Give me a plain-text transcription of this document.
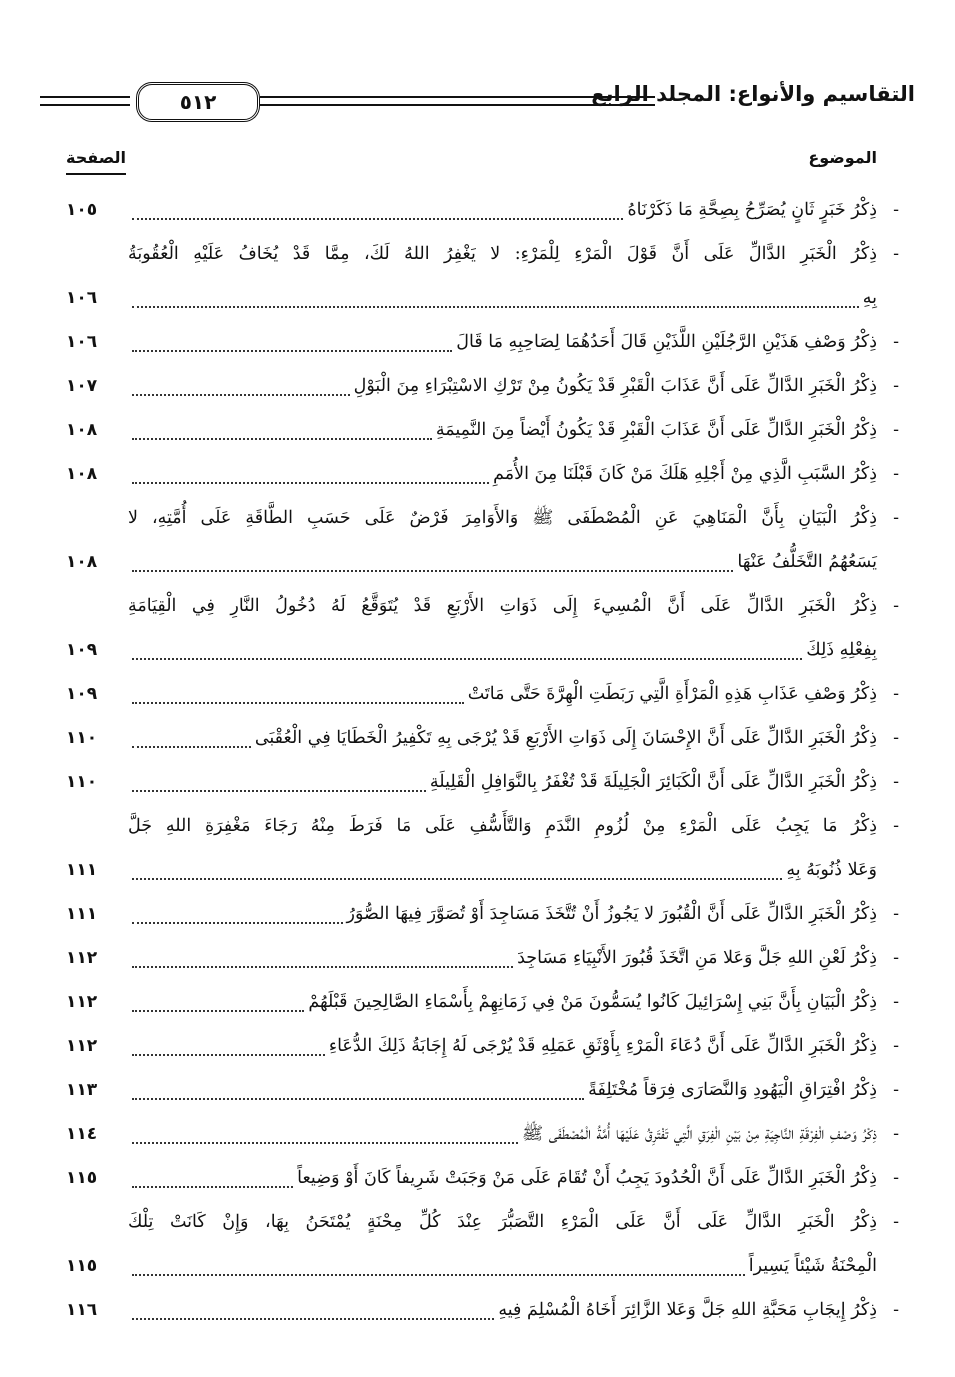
التقاسيم والأنواع: المجلد الرابع
٥١٢
الموضوع
الصفحة
-
ذِكْرُ خَبَرٍ ثَانٍ يُصَرِّحُ بِصِحَّةِ مَا ذَكَرْنَاهُ
١٠٥
-
ذِكْرُ الْخَبَرِ الدَّالِّ عَلَى أَنَّ قَوْلَ الْمَرْءِ لِلْمَرْءِ: لا يَغْفِرُ اللهُ لَكَ، مِمَّا قَدْ يُخَافُ عَلَيْهِ الْعُقُوبَةُ
بِهِ
١٠٦
-
ذِكْرُ وَصْفِ هَذَيْنِ الرَّجُلَيْنِ اللَّذَيْنِ قَالَ أَحَدُهُمَا لِصَاحِبِهِ مَا قَالَ
١٠٦
-
ذِكْرُ الْخَبَرِ الدَّالِّ عَلَى أَنَّ عَذَابَ الْقَبْرِ قَدْ يَكُونُ مِنْ تَرْكِ الاسْتِبْرَاءِ مِنَ الْبَوْلِ
١٠٧
-
ذِكْرُ الْخَبَرِ الدَّالِّ عَلَى أَنَّ عَذَابَ الْقَبْرِ قَدْ يَكُونُ أَيْضاً مِنَ النَّمِيمَةِ
١٠٨
-
ذِكْرُ السَّبَبِ الَّذِي مِنْ أَجْلِهِ هَلَكَ مَنْ كَانَ قَبْلَنَا مِنَ الأُمَمِ
١٠٨
-
ذِكْرُ الْبَيَانِ بِأَنَّ الْمَنَاهِيَ عَنِ الْمُصْطَفَى ﷺ وَالأَوَامِرَ فَرْضٌ عَلَى حَسَبِ الطَّاقَةِ عَلَى أُمَّتِهِ، لا
يَسَعُهُمُ التَّخَلُّفُ عَنْهَا
١٠٨
-
ذِكْرُ الْخَبَرِ الدَّالِّ عَلَى أَنَّ الْمُسِيءَ إِلَى ذَوَاتِ الأَرْبَعِ قَدْ يُتَوَقَّعُ لَهُ دُخُولُ النَّارِ فِي الْقِيَامَةِ
بِفِعْلِهِ ذَلِكَ
١٠٩
-
ذِكْرُ وَصْفِ عَذَابِ هَذِهِ الْمَرْأَةِ الَّتِي رَبَطَتِ الْهِرَّةَ حَتَّى مَاتَتْ
١٠٩
-
ذِكْرُ الْخَبَرِ الدَّالِّ عَلَى أَنَّ الإِحْسَانَ إِلَى ذَوَاتِ الأَرْبَعِ قَدْ يُرْجَى بِهِ تَكْفِيرُ الْخَطَايَا فِي الْعُقْبَى
١١٠
-
ذِكْرُ الْخَبَرِ الدَّالِّ عَلَى أَنَّ الْكَبَائِرَ الْجَلِيلَةَ قَدْ تُغْفَرُ بِالنَّوَافِلِ الْقَلِيلَةِ
١١٠
-
ذِكْرُ مَا يَجِبُ عَلَى الْمَرْءِ مِنْ لُزُومِ النَّدَمِ وَالتَّأَسُّفِ عَلَى مَا فَرَطَ مِنْهُ رَجَاءَ مَغْفِرَةِ اللهِ جَلَّ
وَعَلا ذُنُوبَهُ بِهِ
١١١
-
ذِكْرُ الْخَبَرِ الدَّالِّ عَلَى أَنَّ الْقُبُورَ لا يَجُوزُ أَنْ تُتَّخَذَ مَسَاجِدَ أَوْ تُصَوَّرَ فِيهَا الصُّوَرُ
١١١
-
ذِكْرُ لَعْنِ اللهِ جَلَّ وَعَلا مَنِ اتَّخَذَ قُبُورَ الأَنْبِيَاءِ مَسَاجِدَ
١١٢
-
ذِكْرُ الْبَيَانِ بِأَنَّ بَنِي إِسْرَائِيلَ كَانُوا يُسَمُّونَ مَنْ فِي زَمَانِهِمْ بِأَسْمَاءِ الصَّالِحِينَ قَبْلَهُمْ
١١٢
-
ذِكْرُ الْخَبَرِ الدَّالِّ عَلَى أَنَّ دُعَاءَ الْمَرْءِ بِأَوْثَقِ عَمَلِهِ قَدْ يُرْجَى لَهُ إِجَابَةُ ذَلِكَ الدُّعَاءِ
١١٢
-
ذِكْرُ افْتِرَاقِ الْيَهُودِ وَالنَّصَارَى فِرَقاً مُخْتَلِفَةً
١١٣
-
ذِكْرُ وَصْفِ الْفِرْقَةِ النَّاجِيَةِ مِنْ بَيْنِ الْفِرَقِ الَّتِي تَفْتَرِقُ عَلَيْهَا أُمَّةُ الْمُصْطَفَى ﷺ
١١٤
-
ذِكْرُ الْخَبَرِ الدَّالِّ عَلَى أَنَّ الْحُدُودَ يَجِبُ أَنْ تُقَامَ عَلَى مَنْ وَجَبَتْ شَرِيفاً كَانَ أَوْ وَضِيعاً
١١٥
-
ذِكْرُ الْخَبَرِ الدَّالِّ عَلَى أَنَّ عَلَى الْمَرْءِ التَّصَبُّرَ عِنْدَ كُلِّ مِحْنَةٍ يُمْتَحَنُ بِهَا، وَإِنْ كَانَتْ تِلْكَ
الْمِحْنَةُ شَيْئاً يَسِيراً
١١٥
-
ذِكْرُ إِيجَابِ مَحَبَّةِ اللهِ جَلَّ وَعَلا الزَّائِرَ أَخَاهُ الْمُسْلِمَ فِيهِ
١١٦
